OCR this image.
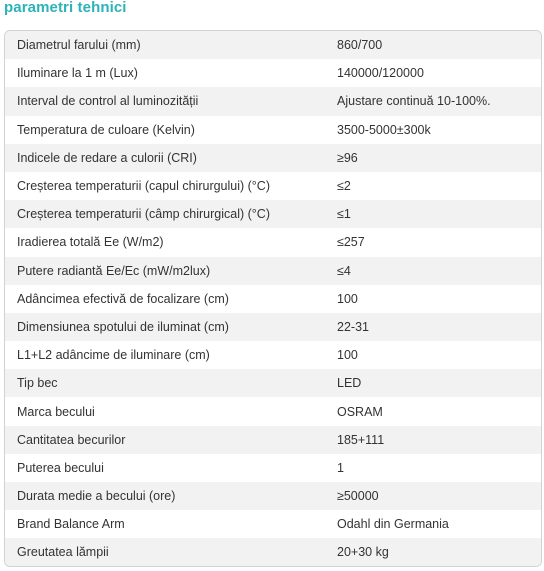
parametri tehnici
Diametrul farului (mm)	860/700
Iluminare la 1 m (Lux)	140000/120000
Interval de control al luminozității	Ajustare continuă 10-100%.
Temperatura de culoare (Kelvin)	3500-5000±300k
Indicele de redare a culorii (CRI)	≥96
Creșterea temperaturii (capul chirurgului) (°C)	≤2
Creșterea temperaturii (câmp chirurgical) (°C)	≤1
Iradierea totală Ee (W/m2)	≤257
Putere radiantă Ee/Ec (mW/m2lux)	≤4
Adâncimea efectivă de focalizare (cm)	100
Dimensiunea spotului de iluminat (cm)	22-31
L1+L2 adâncime de iluminare (cm)	100
Tip bec	LED
Marca becului	OSRAM
Cantitatea becurilor	185+111
Puterea becului	1
Durata medie a becului (ore)	≥50000
Brand Balance Arm	Odahl din Germania
Greutatea lămpii	20+30 kg
